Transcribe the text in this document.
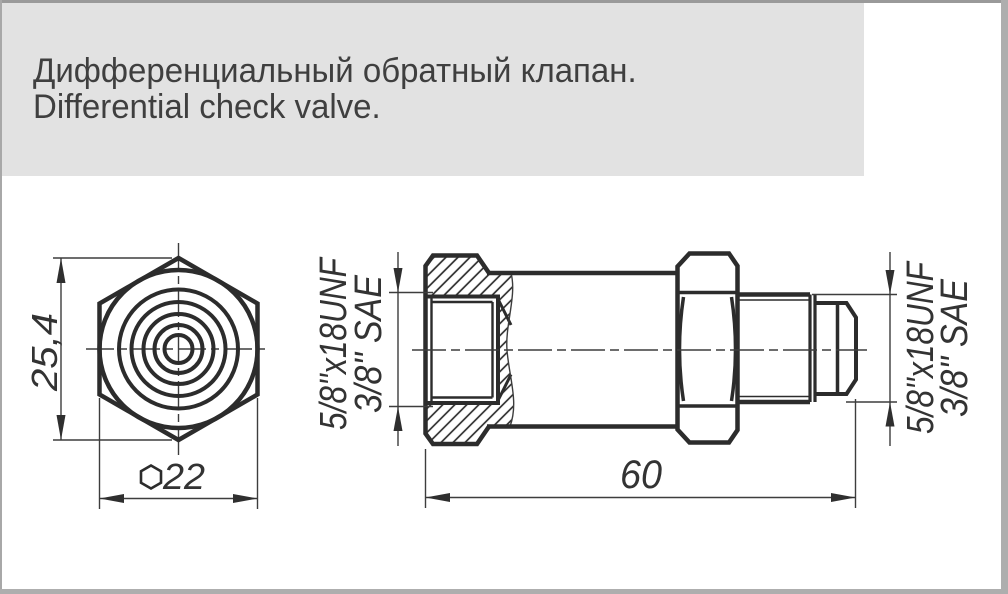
Дифференциальный обратный клапан.
Differential check valve.
25,4
22
5/8''x18UNF
3/8'' SAE	5/8''x18UNF
3/8'' SAE
60
